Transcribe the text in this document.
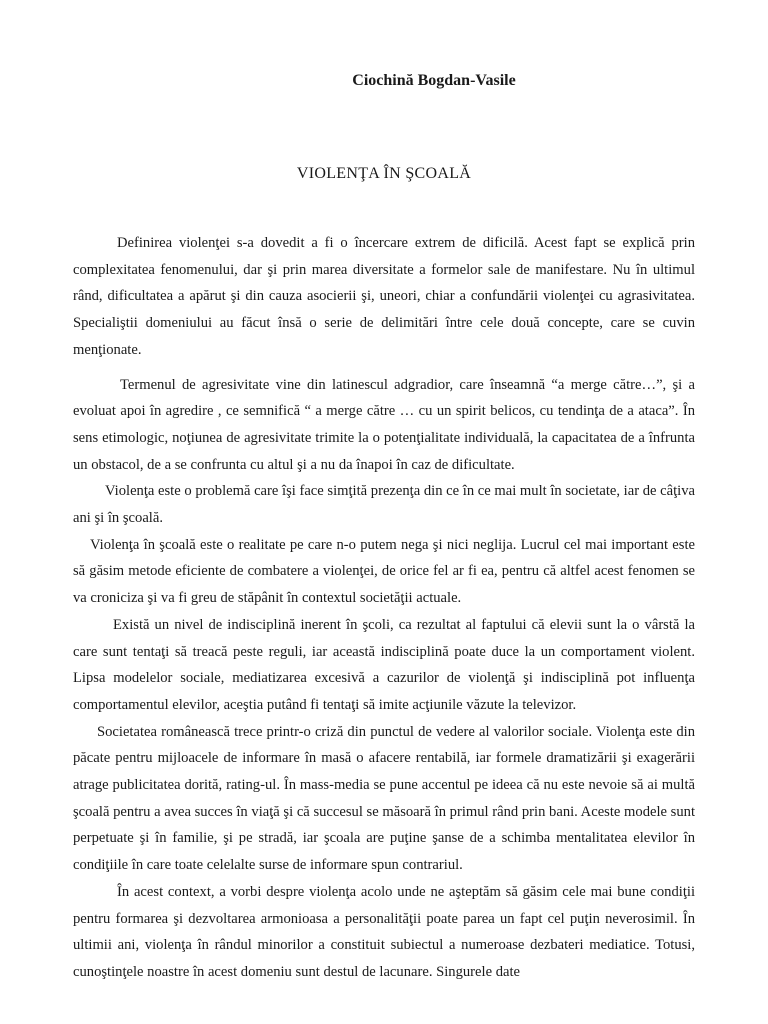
Ciochină Bogdan-Vasile

VIOLENŢA ÎN ŞCOALĂ

Definirea violenţei s-a dovedit a fi o încercare extrem de dificilă. Acest fapt se explică prin complexitatea fenomenului, dar şi prin marea diversitate a formelor sale de manifestare. Nu în ultimul rând, dificultatea a apărut şi din cauza asocierii şi, uneori, chiar a confundării violenţei cu agrasivitatea. Specialiştii domeniului au făcut însă o serie de delimitări între cele două concepte, care se cuvin menţionate.

Termenul de agresivitate vine din latinescul adgradior, care înseamnă “a merge către…”, şi a evoluat apoi în agredire , ce semnifică “ a merge către … cu un spirit belicos, cu tendinţa de a ataca”. În sens etimologic, noţiunea de agresivitate trimite la o potenţialitate individuală, la capacitatea de a înfrunta un obstacol, de a se confrunta cu altul şi a nu da înapoi în caz de dificultate.

Violenţa este o problemă care îşi face simţită prezenţa din ce în ce mai mult în societate, iar de câţiva ani şi în şcoală.

Violenţa în şcoală este o realitate pe care n-o putem nega şi nici neglija. Lucrul cel mai important este să găsim metode eficiente de combatere a violenţei, de orice fel ar fi ea, pentru că altfel acest fenomen se va croniciza şi va fi greu de stăpânit în contextul societăţii actuale.

Există un nivel de indisciplină inerent în şcoli, ca rezultat al faptului că elevii sunt la o vârstă la care sunt tentaţi să treacă peste reguli, iar această indisciplină poate duce la un comportament violent. Lipsa modelelor sociale, mediatizarea excesivă a cazurilor de violenţă şi indisciplină pot influenţa comportamentul elevilor, aceştia putând fi tentaţi să imite acţiunile văzute la televizor.

Societatea românească trece printr-o criză din punctul de vedere al valorilor sociale. Violenţa este din păcate pentru mijloacele de informare în masă o afacere rentabilă, iar formele dramatizării şi exagerării atrage publicitatea dorită, rating-ul. În mass-media se pune accentul pe ideea că nu este nevoie să ai multă şcoală pentru a avea succes în viaţă şi că succesul se măsoară în primul rând prin bani. Aceste modele sunt perpetuate şi în familie, şi pe stradă, iar şcoala are puţine şanse de a schimba mentalitatea elevilor în condiţiile în care toate celelalte surse de informare spun contrariul.

În acest context, a vorbi despre violenţa acolo unde ne aşteptăm să găsim cele mai bune condiţii pentru formarea şi dezvoltarea armonioasa a personalităţii poate parea un fapt cel puţin neverosimil. În ultimii ani, violenţa în rândul minorilor a constituit subiectul a numeroase dezbateri mediatice. Totusi, cunoştinţele noastre în acest domeniu sunt destul de lacunare. Singurele date
